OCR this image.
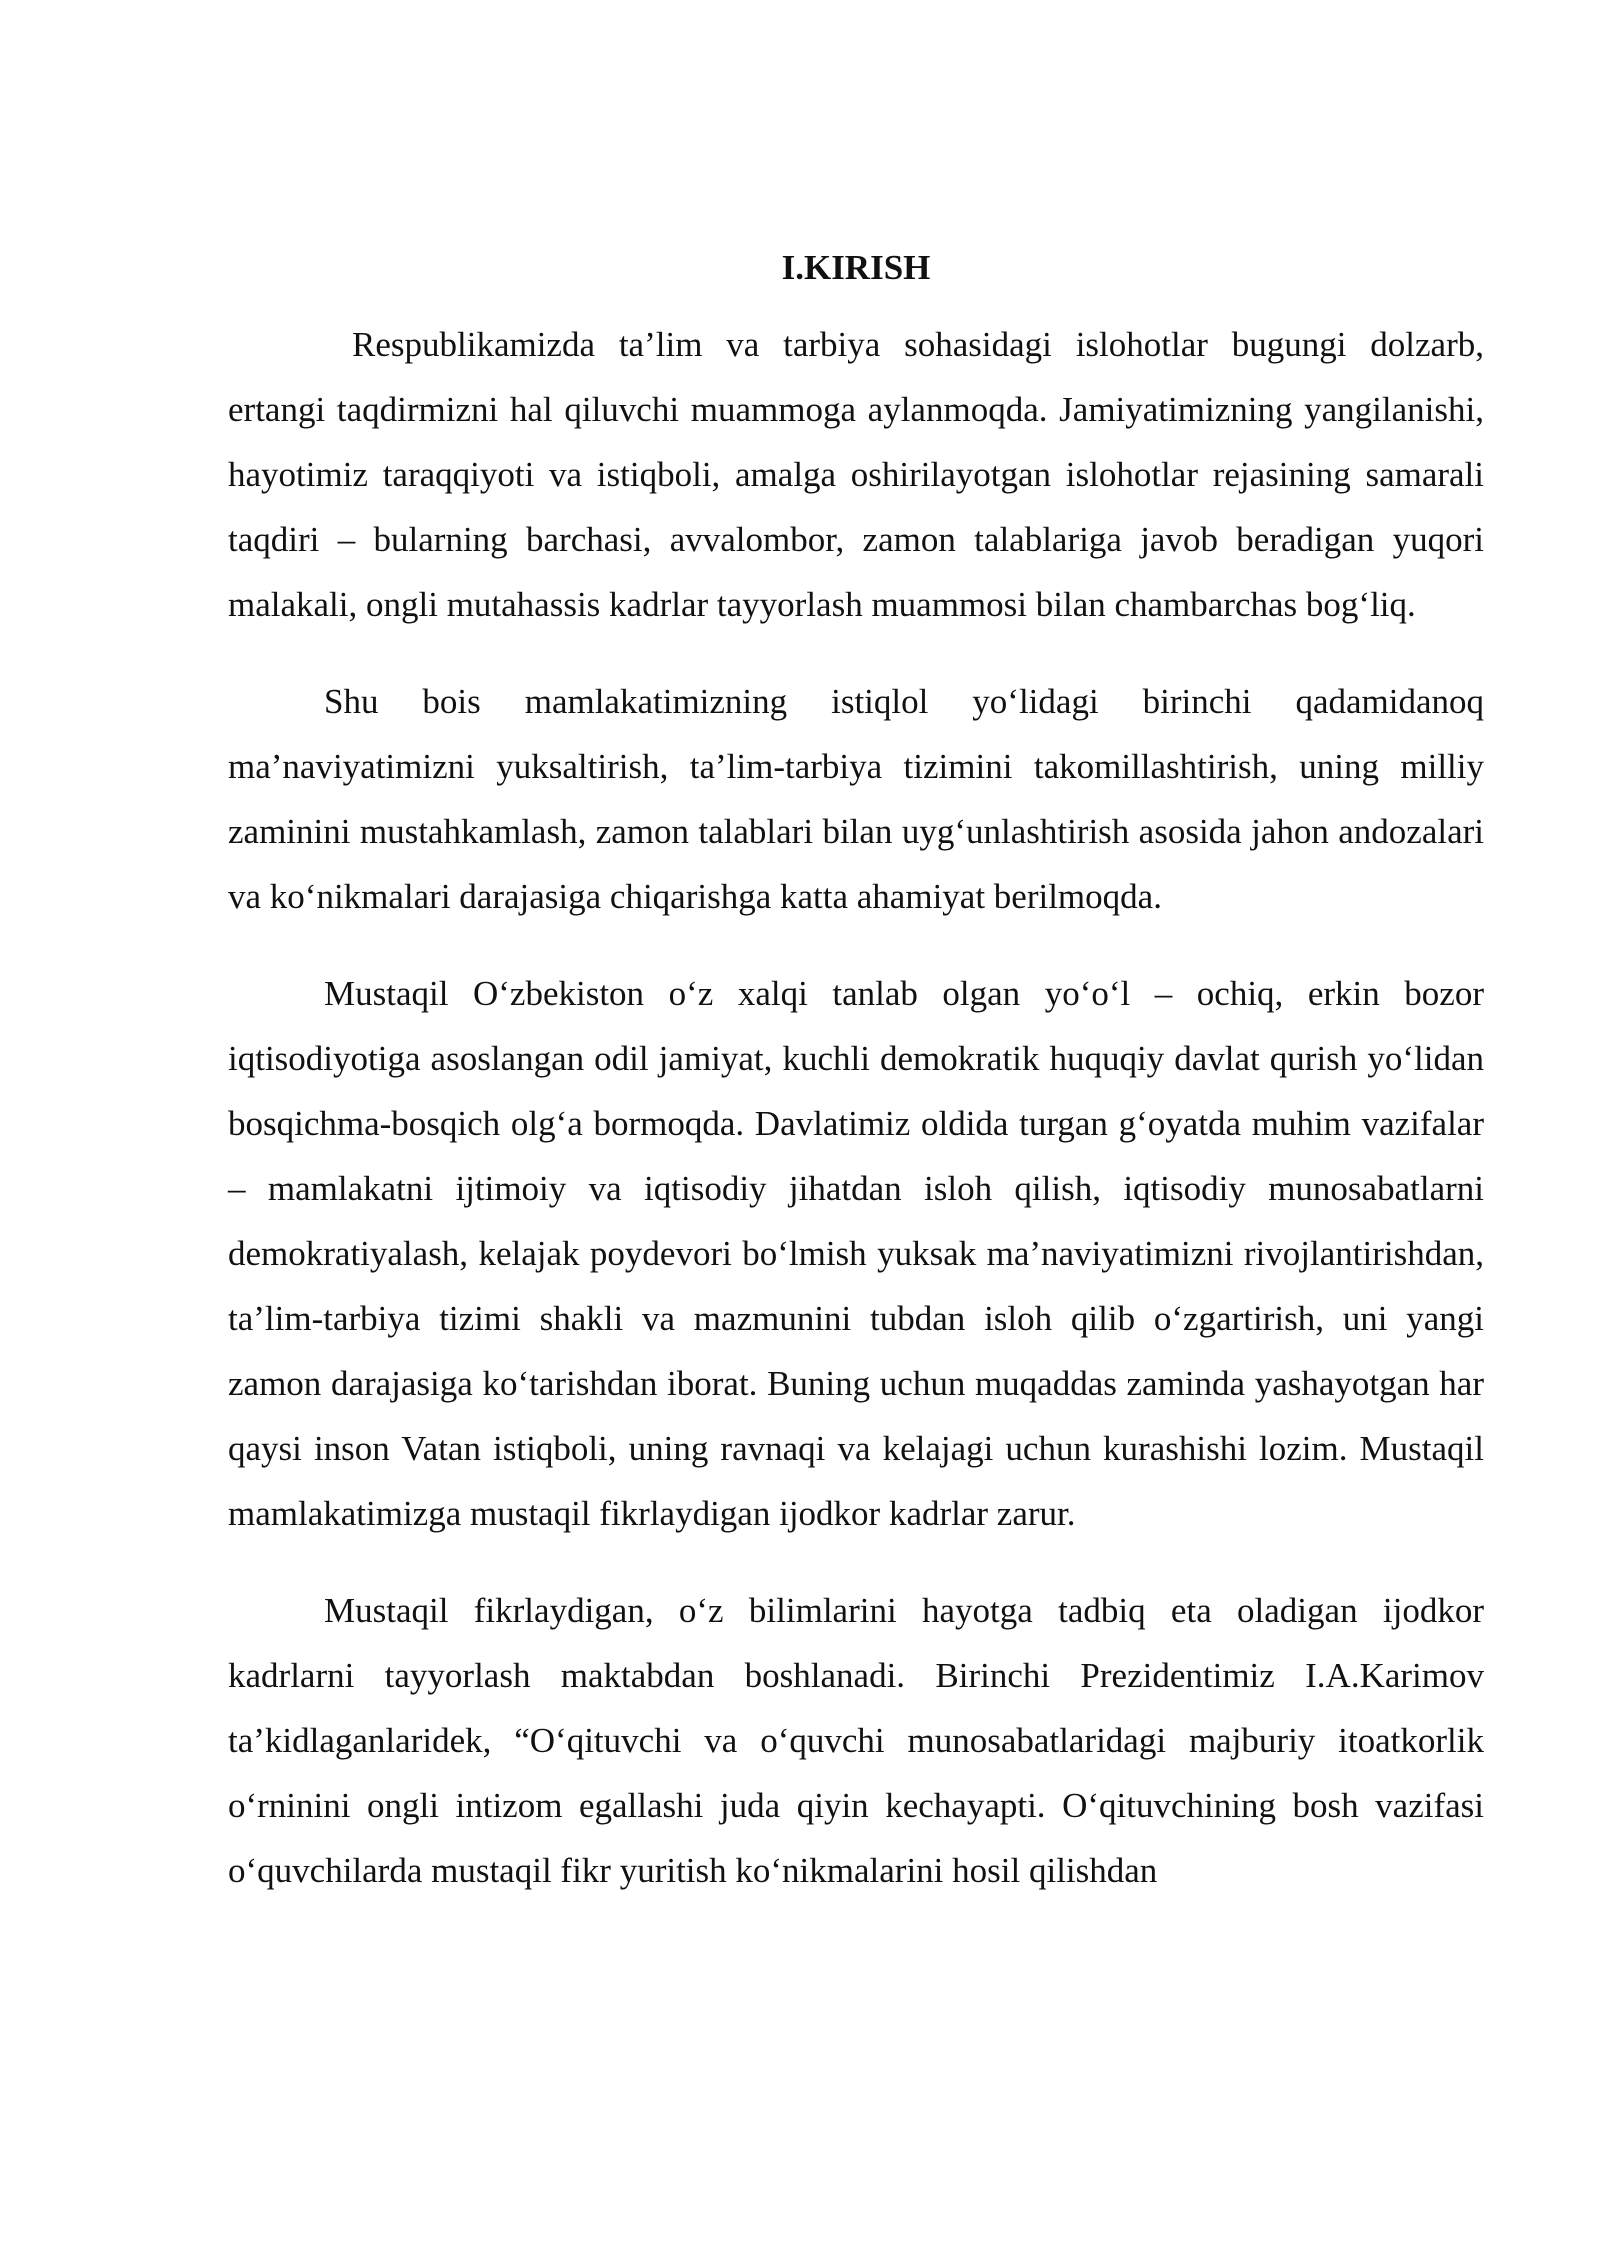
I.KIRISH

Respublikamizda ta’lim va tarbiya sohasidagi islohotlar bugungi dolzarb, ertangi taqdirmizni hal qiluvchi muammoga aylanmoqda. Jamiyatimizning yangilanishi, hayotimiz taraqqiyoti va istiqboli, amalga oshirilayotgan islohotlar rejasining samarali taqdiri – bularning barchasi, avvalombor, zamon talablariga javob beradigan yuqori malakali, ongli mutahassis kadrlar tayyorlash muammosi bilan chambarchas bog‘liq.

Shu bois mamlakatimizning istiqlol yo‘lidagi birinchi qadamidanoq ma’naviyatimizni yuksaltirish, ta’lim-tarbiya tizimini takomillashtirish, uning milliy zaminini mustahkamlash, zamon talablari bilan uyg‘unlashtirish asosida jahon andozalari va ko‘nikmalari darajasiga chiqarishga katta ahamiyat berilmoqda.

Mustaqil O‘zbekiston o‘z xalqi tanlab olgan yo‘o‘l – ochiq, erkin bozor iqtisodiyotiga asoslangan odil jamiyat, kuchli demokratik huquqiy davlat qurish yo‘lidan bosqichma-bosqich olg‘a bormoqda. Davlatimiz oldida turgan g‘oyatda muhim vazifalar – mamlakatni ijtimoiy va iqtisodiy jihatdan isloh qilish, iqtisodiy munosabatlarni demokratiyalash, kelajak poydevori bo‘lmish yuksak ma’naviyatimizni rivojlantirishdan, ta’lim-tarbiya tizimi shakli va mazmunini tubdan isloh qilib o‘zgartirish, uni yangi zamon darajasiga ko‘tarishdan iborat. Buning uchun muqaddas zaminda yashayotgan har qaysi inson Vatan istiqboli, uning ravnaqi va kelajagi uchun kurashishi lozim. Mustaqil mamlakatimizga mustaqil fikrlaydigan ijodkor kadrlar zarur.

Mustaqil fikrlaydigan, o‘z bilimlarini hayotga tadbiq eta oladigan ijodkor kadrlarni tayyorlash maktabdan boshlanadi. Birinchi Prezidentimiz I.A.Karimov ta’kidlaganlaridek, “O‘qituvchi va o‘quvchi munosabatlaridagi majburiy itoatkorlik o‘rninini ongli intizom egallashi juda qiyin kechayapti. O‘qituvchining bosh vazifasi o‘quvchilarda mustaqil fikr yuritish ko‘nikmalarini hosil qilishdan
